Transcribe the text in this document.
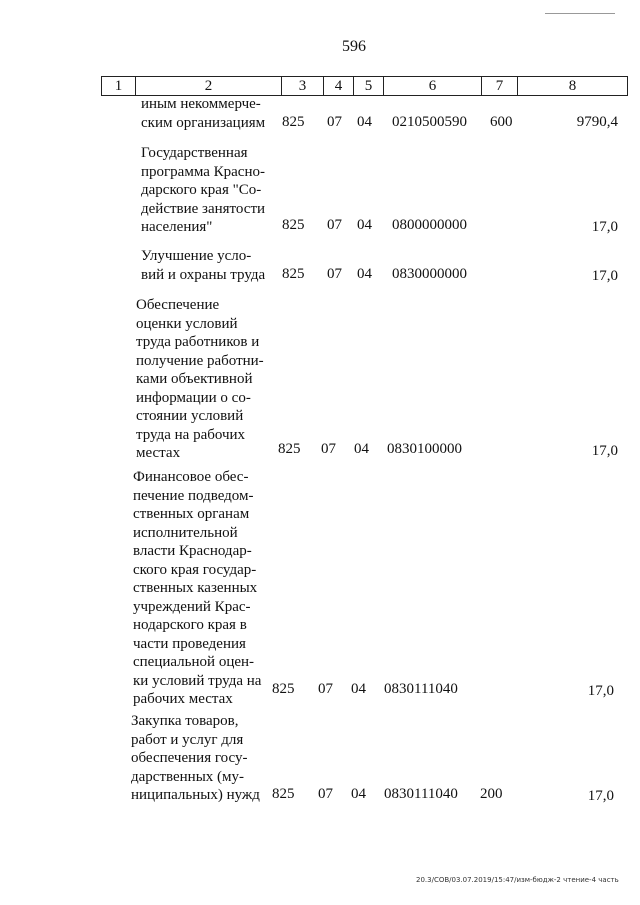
596
1	2	3	4	5	6	7	8
иным некоммерче-
ским организациям 825 07 04 0210500590 600	9790,4
Государственная
программа Красно-
дарского края "Со-
действие занятости
населения"	825 07 04 0800000000	17,0
Улучшение усло-
вий и охраны труда 825 07 04 0830000000	17,0
Обеспечение
оценки условий
труда работников и
получение работни-
ками объективной
информации о со-
стоянии условий
труда на рабочих
местах	825 07 04 0830100000	17,0
Финансовое обес-
печение подведом-
ственных органам
исполнительной
власти Краснодар-
ского края государ-
ственных казенных
учреждений Крас-
нодарского края в
части проведения
специальной оцен-
ки условий труда на
рабочих местах
825 07 04 0830111040	17,0
Закупка товаров,
работ и услуг для
обеспечения госу-
дарственных (му-
ниципальных) нужд 825 07 04 0830111040 200	17,0
20.3/СОВ/03.07.2019/15:47/изм-бюдж-2 чтение-4 часть
